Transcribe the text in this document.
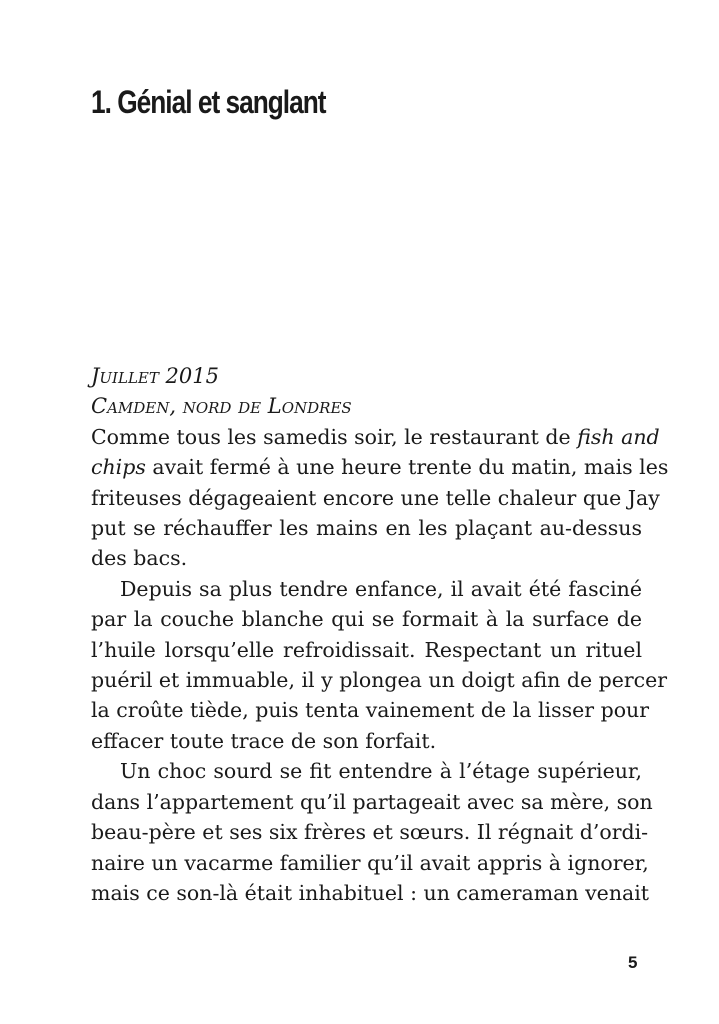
1. Génial et sanglant

Juillet 2015

Camden, nord de Londres

Comme tous les samedis soir, le restaurant de fish and
chips avait fermé à une heure trente du matin, mais les
friteuses dégageaient encore une telle chaleur que Jay
put se réchauffer les mains en les plaçant au-dessus
des bacs.
Depuis sa plus tendre enfance, il avait été fasciné
par la couche blanche qui se formait à la surface de
l’huile lorsqu’elle refroidissait. Respectant un rituel
puéril et immuable, il y plongea un doigt afin de percer
la croûte tiède, puis tenta vainement de la lisser pour
effacer toute trace de son forfait.
Un choc sourd se fit entendre à l’étage supérieur,
dans l’appartement qu’il partageait avec sa mère, son
beau-père et ses six frères et sœurs. Il régnait d’ordi-
naire un vacarme familier qu’il avait appris à ignorer,
mais ce son-là était inhabituel : un cameraman venait
5
